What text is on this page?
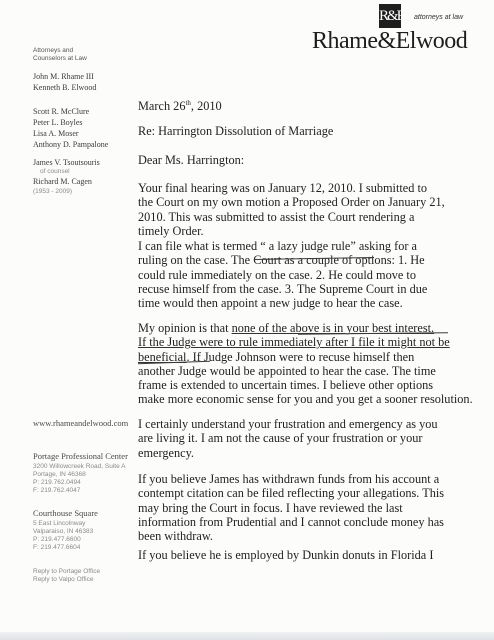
R&E attorneys at law
Rhame&Elwood
Attorneys and
Counselors at Law
John M. Rhame III
Kenneth B. Elwood
Scott R. McClure
Peter L. Boyles
Lisa A. Moser
Anthony D. Pampalone
James V. Tsoutsouris
of counsel
Richard M. Cagen
(1953 - 2009)
www.rhameandelwood.com
Portage Professional Center
3200 Willowcreek Road, Suite A
Portage, IN 46368
P: 219.762.0494
F: 219.762.4047
Courthouse Square
5 East Lincolnway
Valparaiso, IN 46383
P: 219.477.6600
F: 219.477.6604
Reply to Portage Office
Reply to Valpo Office
March 26th, 2010
Re: Harrington Dissolution of Marriage
Dear Ms. Harrington:
Your final hearing was on January 12, 2010. I submitted to
the Court on my own motion a Proposed Order on January 21,
2010. This was submitted to assist the Court rendering a
timely Order.
I can file what is termed “ a lazy judge rule” asking for a
ruling on the case. The Court as a couple of options: 1. He
could rule immediately on the case. 2. He could move to
recuse himself from the case. 3. The Supreme Court in due
time would then appoint a new judge to hear the case.
My opinion is that none of the above is in your best interest.
If the Judge were to rule immediately after I file it might not be
beneficial. If Judge Johnson were to recuse himself then
another Judge would be appointed to hear the case. The time
frame is extended to uncertain times. I believe other options
make more economic sense for you and you get a sooner resolution.
I certainly understand your frustration and emergency as you
are living it. I am not the cause of your frustration or your
emergency.
If you believe James has withdrawn funds from his account a
contempt citation can be filed reflecting your allegations. This
may bring the Court in focus. I have reviewed the last
information from Prudential and I cannot conclude money has
been withdraw.
If you believe he is employed by Dunkin donuts in Florida I
